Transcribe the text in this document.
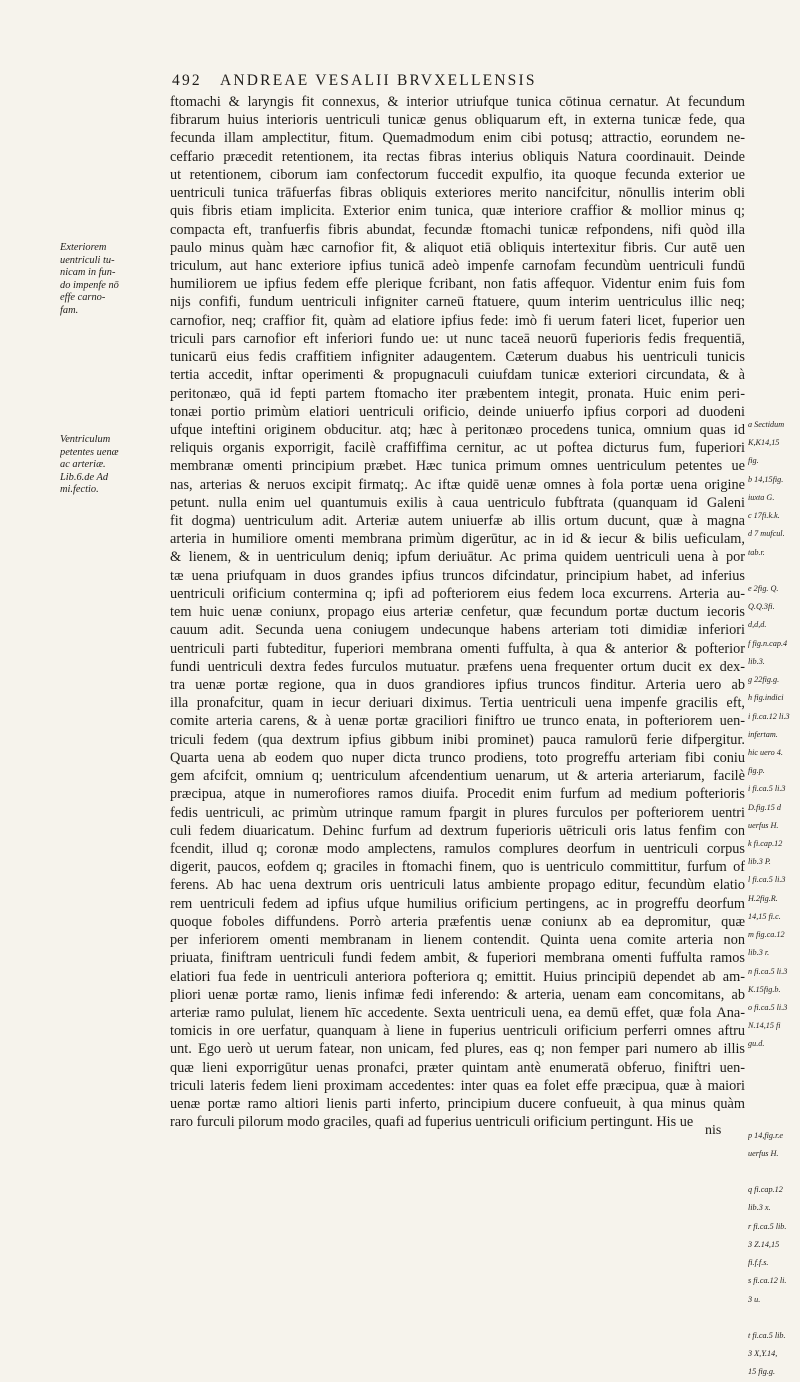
492 ANDREAE VESALII BRVXELLENSIS
ftomachi & laryngis fit connexus, & interior utriufque tunica cōtinua cernatur. At fecundum
fibrarum huius interioris uentriculi tunicæ genus obliquarum eft, in externa tunicæ fede, qua
fecunda illam amplectitur, fitum. Quemadmodum enim cibi potusq; attractio, eorundem ne-
ceffario præcedit retentionem, ita rectas fibras interius obliquis Natura coordinauit. Deinde
ut retentionem, ciborum iam confectorum fuccedit expulfio, ita quoque fecunda exterior ue
uentriculi tunica trāfuerfas fibras obliquis exteriores merito nancifcitur, nōnullis interim obli
quis fibris etiam implicita. Exterior enim tunica, quæ interiore craffior & mollior minus q;
compacta eft, tranfuerfis fibris abundat, fecundæ ftomachi tunicæ refpondens, nifi quòd illa
paulo minus quàm hæc carnofior fit, & aliquot etiā obliquis intertexitur fibris. Cur autē uen
triculum, aut hanc exteriore ipfius tunicā adeò impenfe carnofam fecundùm uentriculi fundū
humiliorem ue ipfius fedem effe plerique fcribant, non fatis affequor. Videntur enim fuis fom
nijs confifi, fundum uentriculi infigniter carneū ftatuere, quum interim uentriculus illic neq;
carnofior, neq; craffior fit, quàm ad elatiore ipfius fede: imò fi uerum fateri licet, fuperior uen
triculi pars carnofior eft inferiori fundo ue: ut nunc taceā neuorū fuperioris fedis frequentiā,
tunicarū eius fedis craffitiem infigniter adaugentem. Cæterum duabus his uentriculi tunicis
tertia accedit, inftar operimenti & propugnaculi cuiufdam tunicæ exteriori circundata, & à
peritonæo, quā id fepti partem ftomacho iter præbentem integit, pronata. Huic enim peri-
tonæi portio primùm elatiori uentriculi orificio, deinde uniuerfo ipfius corpori ad duodeni
ufque inteftini originem obducitur. atq; hæc à peritonæo procedens tunica, omnium quas id
reliquis organis exporrigit, facilè craffiffima cernitur, ac ut poftea dicturus fum, fuperiori
membranæ omenti principium præbet. Hæc tunica primum omnes uentriculum petentes ue
nas, arterias & neruos excipit firmatq;. Ac iftæ quidē uenæ omnes à fola portæ uena origine
petunt. nulla enim uel quantumuis exilis à caua uentriculo fubftrata (quanquam id Galeni
fit dogma) uentriculum adit. Arteriæ autem uniuerfæ ab illis ortum ducunt, quæ à magna
arteria in humiliore omenti membrana primùm digerūtur, ac in id & iecur & bilis ueficulam,
& lienem, & in uentriculum deniq; ipfum deriuātur. Ac prima quidem uentriculi uena à por
tæ uena priufquam in duos grandes ipfius truncos difcindatur, principium habet, ad inferius
uentriculi orificium contermina q; ipfi ad pofteriorem eius fedem loca excurrens. Arteria au-
tem huic uenæ coniunx, propago eius arteriæ cenfetur, quæ fecundum portæ ductum iecoris
cauum adit. Secunda uena coniugem undecunque habens arteriam toti dimidiæ inferiori
uentriculi parti fubteditur, fuperiori membrana omenti fuffulta, à qua & anterior & pofterior
fundi uentriculi dextra fedes furculos mutuatur. præfens uena frequenter ortum ducit ex dex-
tra uenæ portæ regione, qua in duos grandiores ipfius truncos finditur. Arteria uero ab
illa pronafcitur, quam in iecur deriuari diximus. Tertia uentriculi uena impenfe gracilis eft,
comite arteria carens, & à uenæ portæ graciliori finiftro ue trunco enata, in pofteriorem uen-
triculi fedem (qua dextrum ipfius gibbum inibi prominet) pauca ramulorū ferie difpergitur.
Quarta uena ab eodem quo nuper dicta trunco prodiens, toto progreffu arteriam fibi coniu
gem afcifcit, omnium q; uentriculum afcendentium uenarum, ut & arteria arteriarum, facilè
præcipua, atque in numerofiores ramos diuifa. Procedit enim furfum ad medium pofterioris
fedis uentriculi, ac primùm utrinque ramum fpargit in plures furculos per pofteriorem uentri
culi fedem diuaricatum. Dehinc furfum ad dextrum fuperioris uētriculi oris latus fenfim con
fcendit, illud q; coronæ modo amplectens, ramulos complures deorfum in uentriculi corpus
digerit, paucos, eofdem q; graciles in ftomachi finem, quo is uentriculo committitur, furfum of
ferens. Ab hac uena dextrum oris uentriculi latus ambiente propago editur, fecundùm elatio
rem uentriculi fedem ad ipfius ufque humilius orificium pertingens, ac in progreffu deorfum
quoque foboles diffundens. Porrò arteria præfentis uenæ coniunx ab ea depromitur, quæ
per inferiorem omenti membranam in lienem contendit. Quinta uena comite arteria non
priuata, finiftram uentriculi fundi fedem ambit, & fuperiori membrana omenti fuffulta ramos
elatiori fua fede in uentriculi anteriora pofteriora q; emittit. Huius principiū dependet ab am-
pliori uenæ portæ ramo, lienis infimæ fedi inferendo: & arteria, uenam eam concomitans, ab
arteriæ ramo pululat, lienem hīc accedente. Sexta uentriculi uena, ea demū effet, quæ fola Ana-
tomicis in ore uerfatur, quanquam à liene in fuperius uentriculi orificium perferri omnes aftru
unt. Ego uerò ut uerum fatear, non unicam, fed plures, eas q; non femper pari numero ab illis
quæ lieni exporrigūtur uenas pronafci, præter quintam antè enumeratā obferuo, finiftri uen-
triculi lateris fedem lieni proximam accedentes: inter quas ea folet effe præcipua, quæ à maiori
uenæ portæ ramo altiori lienis parti inferto, principium ducere confueuit, à qua minus quàm
raro furculi pilorum modo graciles, quafi ad fuperius uentriculi orificium pertingunt. His ue
Exteriorem
uentriculi tu-
nicam in fun-
do impenfe nō
effe carno-
fam.
Ventriculum
petentes uenæ
ac arteriæ.
Lib.6.de Ad
mi.fectio.
a Sectidum
K,K14,15
fig.
b 14,15fig.
iuxta G.
c 17fi.k.k.
d 7 mufcul.
tab.r.
e 2fig. Q.
Q.Q.3fi.
d,d,d.
f fig.n.cap.4
lib.3.
g 22fig.g.
h fig.indici
i fi.ca.12 li.3
infertam.
hic uero 4.
fig.p.
i fi.ca.5 li.3
D.fig.15 d
uerfus H.
k fi.cap.12
lib.3 P.
l fi.ca.5 li.3
H.2fig.R.
14,15 fi.c.
m fig.ca.12
lib.3 r.
n fi.ca.5 li.3
K.15fig.b.
o fi.ca.5 li.3
N.14,15 fi
gu.d.
p 14,fig.r.e
uerfus H.
q fi.cap.12
lib.3 x.
r fi.ca.5 lib.
3 Z.14,15
fi.f.f.s.
s fi.ca.12 li.
3 u.
t fi.ca.5 lib.
3 X,Y.14,
15 fig.g.
nis
